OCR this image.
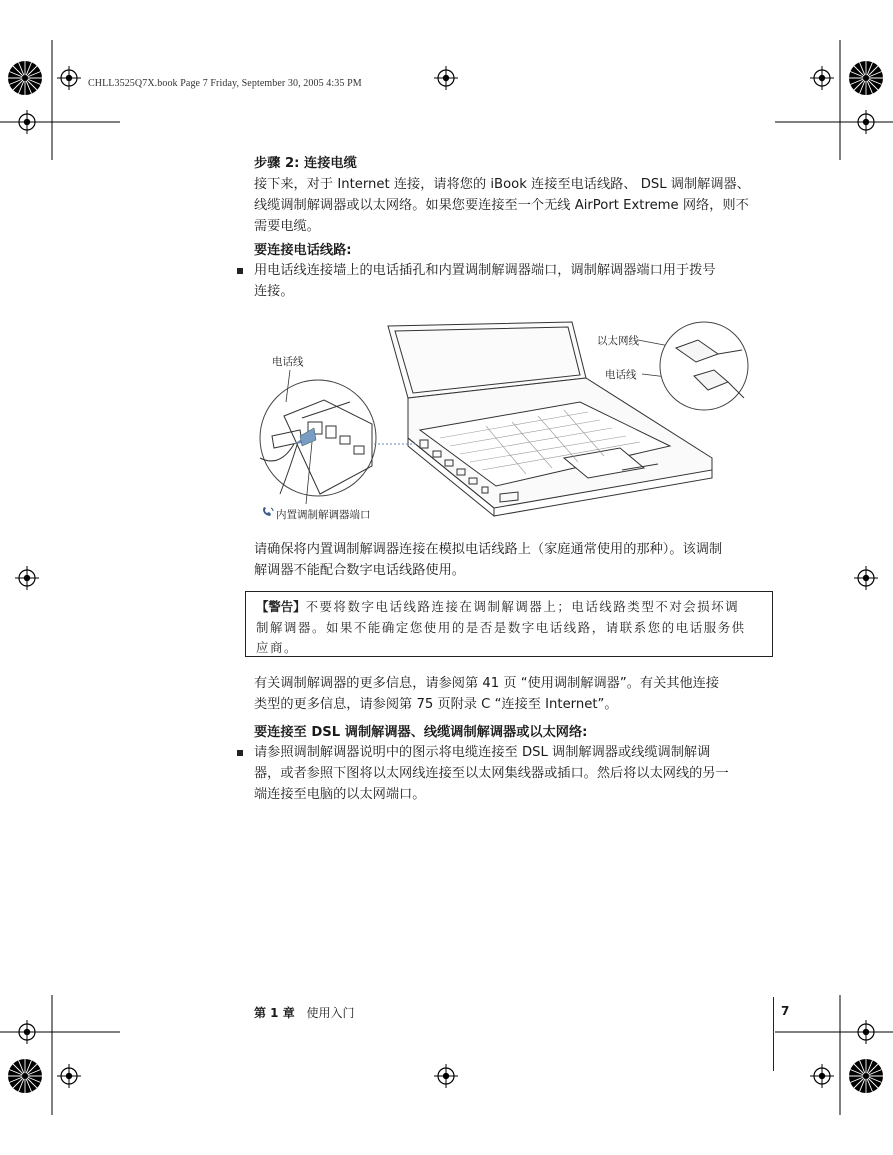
CHLL3525Q7X.book Page 7 Friday, September 30, 2005 4:35 PM
步骤 2: 连接电缆
接下来，对于 Internet 连接，请将您的 iBook 连接至电话线路、 DSL 调制解调器、
线缆调制解调器或以太网络。如果您要连接至一个无线 AirPort Extreme 网络，则不
需要电缆。
要连接电话线路:
用电话线连接墙上的电话插孔和内置调制解调器端口，调制解调器端口用于拨号
连接。
电话线
以太网线
电话线
内置调制解调器端口
请确保将内置调制解调器连接在模拟电话线路上（家庭通常使用的那种）。该调制
解调器不能配合数字电话线路使用。
【警告】不要将数字电话线路连接在调制解调器上；电话线路类型不对会损坏调
制解调器。如果不能确定您使用的是否是数字电话线路，请联系您的电话服务供
应商。
有关调制解调器的更多信息，请参阅第 41 页 “使用调制解调器”。有关其他连接
类型的更多信息，请参阅第 75 页附录 C “连接至 Internet”。
要连接至 DSL 调制解调器、线缆调制解调器或以太网络:
请参照调制解调器说明中的图示将电缆连接至 DSL 调制解调器或线缆调制解调
器，或者参照下图将以太网线连接至以太网集线器或插口。然后将以太网线的另一
端连接至电脑的以太网端口。
第 1 章 使用入门	7
